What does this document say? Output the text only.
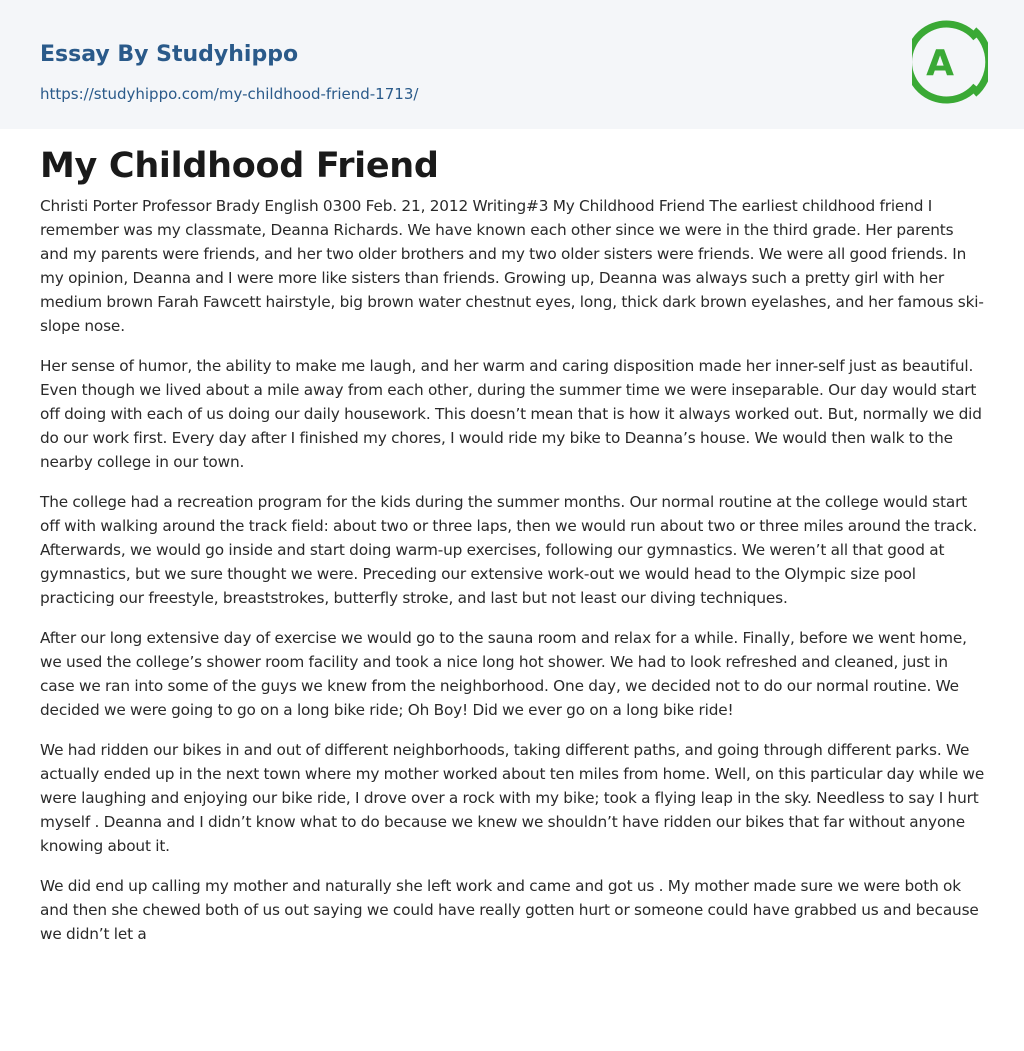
Essay By Studyhippo
https://studyhippo.com/my-childhood-friend-1713/
A
My Childhood Friend

Christi Porter Professor Brady English 0300 Feb. 21, 2012 Writing#3 My Childhood Friend The earliest childhood friend I remember was my classmate, Deanna Richards. We have known each other since we were in the third grade. Her parents and my parents were friends, and her two older brothers and my two older sisters were friends. We were all good friends. In my opinion, Deanna and I were more like sisters than friends. Growing up, Deanna was always such a pretty girl with her medium brown Farah Fawcett hairstyle, big brown water chestnut eyes, long, thick dark brown eyelashes, and her famous ski-slope nose.

Her sense of humor, the ability to make me laugh, and her warm and caring disposition made her inner-self just as beautiful. Even though we lived about a mile away from each other, during the summer time we were inseparable. Our day would start off doing with each of us doing our daily housework. This doesn’t mean that is how it always worked out. But, normally we did do our work first. Every day after I finished my chores, I would ride my bike to Deanna’s house. We would then walk to the nearby college in our town.

The college had a recreation program for the kids during the summer months. Our normal routine at the college would start off with walking around the track field: about two or three laps, then we would run about two or three miles around the track. Afterwards, we would go inside and start doing warm-up exercises, following our gymnastics. We weren’t all that good at gymnastics, but we sure thought we were. Preceding our extensive work-out we would head to the Olympic size pool practicing our freestyle, breaststrokes, butterfly stroke, and last but not least our diving techniques.

After our long extensive day of exercise we would go to the sauna room and relax for a while. Finally, before we went home, we used the college’s shower room facility and took a nice long hot shower. We had to look refreshed and cleaned, just in case we ran into some of the guys we knew from the neighborhood. One day, we decided not to do our normal routine. We decided we were going to go on a long bike ride; Oh Boy! Did we ever go on a long bike ride!

We had ridden our bikes in and out of different neighborhoods, taking different paths, and going through different parks. We actually ended up in the next town where my mother worked about ten miles from home. Well, on this particular day while we were laughing and enjoying our bike ride, I drove over a rock with my bike; took a flying leap in the sky. Needless to say I hurt myself . Deanna and I didn’t know what to do because we knew we shouldn’t have ridden our bikes that far without anyone knowing about it.

We did end up calling my mother and naturally she left work and came and got us . My mother made sure we were both ok and then she chewed both of us out saying we could have really gotten hurt or someone could have grabbed us and because we didn’t let a
